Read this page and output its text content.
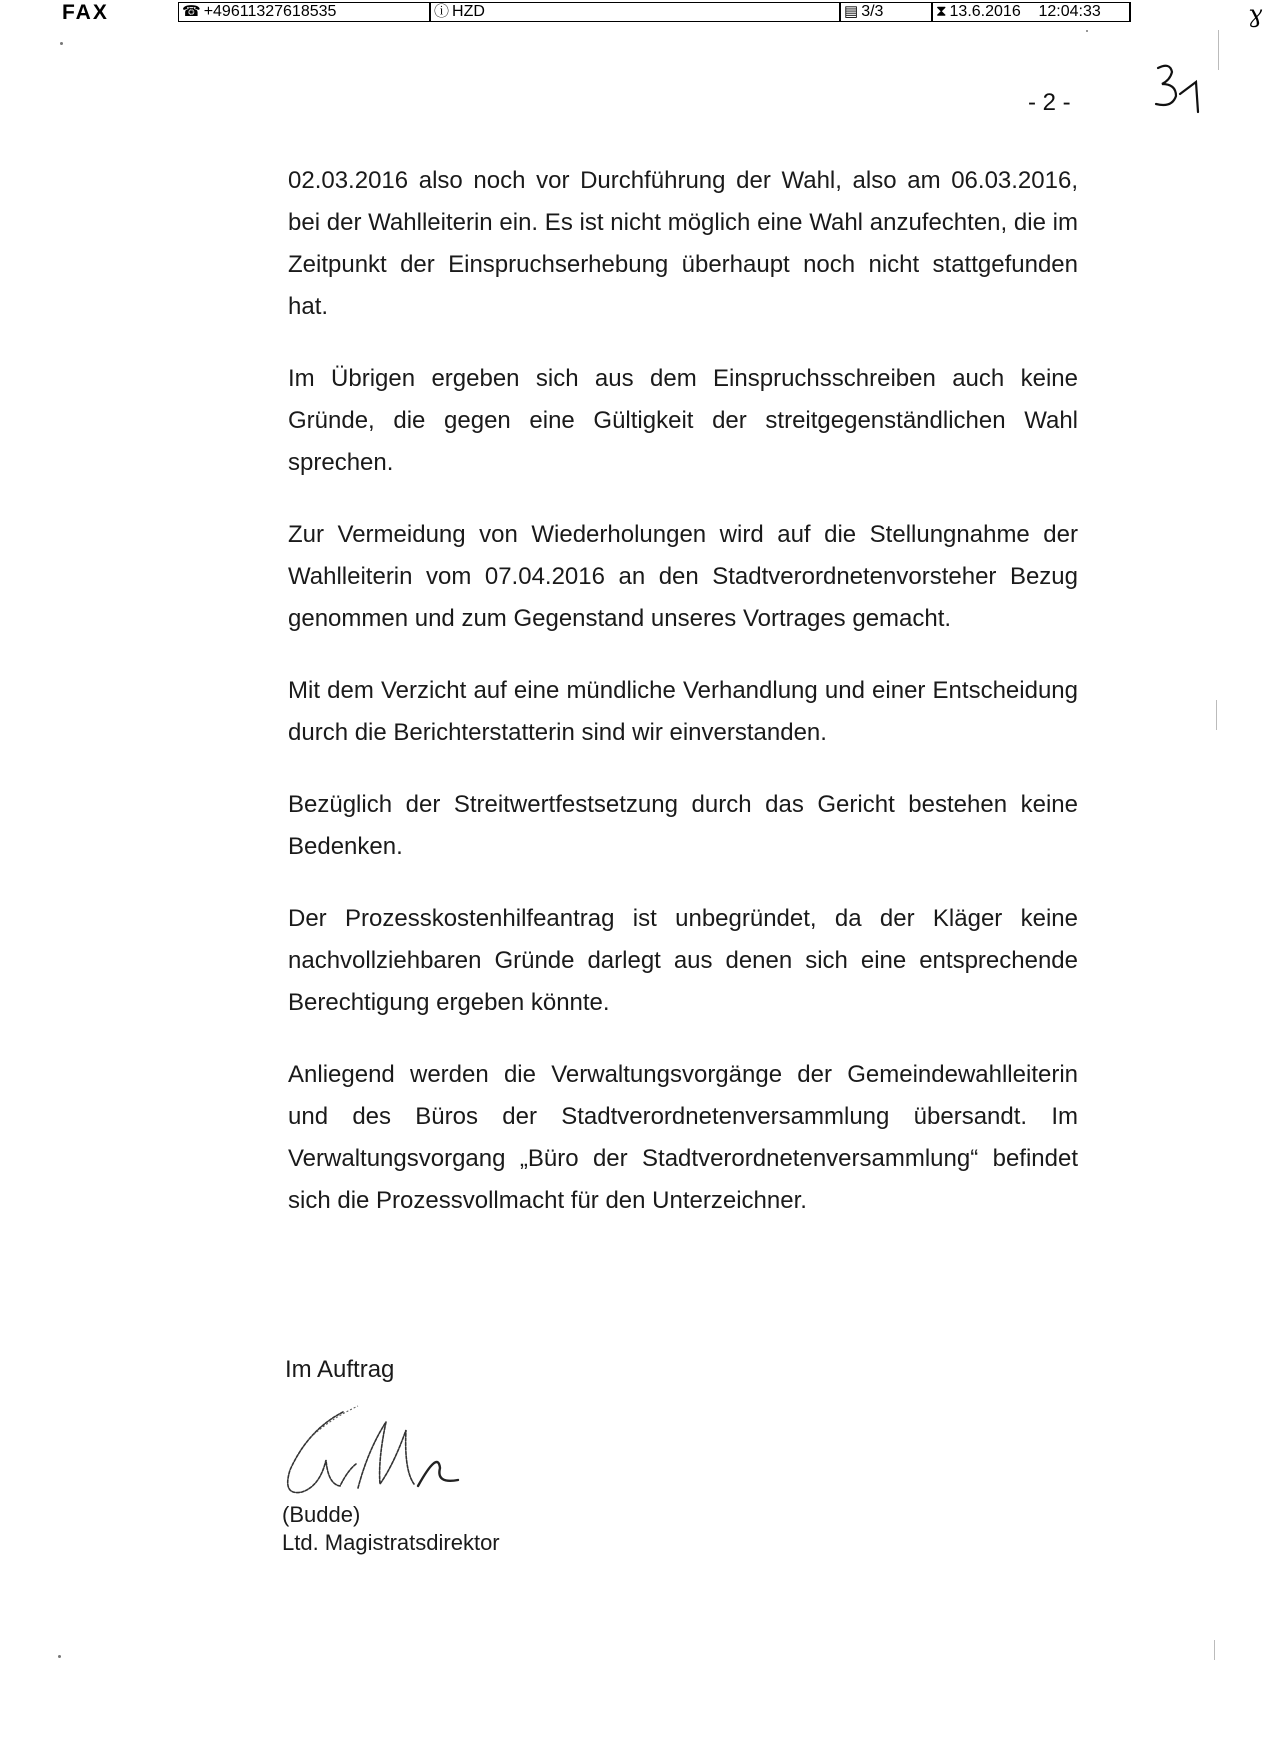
FAX	☎ +49611327618535	ⓘ HZD	▤ 3/3	⧗ 13.6.2016    12:04:33	ɣ
- 2 -

02.03.2016 also noch vor Durchführung der Wahl, also am 06.03.2016, bei der Wahlleiterin ein. Es ist nicht möglich eine Wahl anzufechten, die im Zeitpunkt der Einspruchserhebung überhaupt noch nicht stattgefunden hat.

Im Übrigen ergeben sich aus dem Einspruchsschreiben auch keine Gründe, die gegen eine Gültigkeit der streitgegenständlichen Wahl sprechen.

Zur Vermeidung von Wiederholungen wird auf die Stellungnahme der Wahlleiterin vom 07.04.2016 an den Stadtverordnetenvorsteher Bezug genommen und zum Gegenstand unseres Vortrages gemacht.

Mit dem Verzicht auf eine mündliche Verhandlung und einer Entscheidung durch die Berichterstatterin sind wir einverstanden.

Bezüglich der Streitwertfestsetzung durch das Gericht bestehen keine Bedenken.

Der Prozesskostenhilfeantrag ist unbegründet, da der Kläger keine nachvollziehbaren Gründe darlegt aus denen sich eine entsprechende Berechtigung ergeben könnte.

Anliegend werden die Verwaltungsvorgänge der Gemeindewahlleiterin und des Büros der Stadtverordnetenversammlung übersandt. Im Verwaltungsvorgang „Büro der Stadtverordnetenversammlung“ befindet sich die Prozessvollmacht für den Unterzeichner.

Im Auftrag
(Budde)
Ltd. Magistratsdirektor
